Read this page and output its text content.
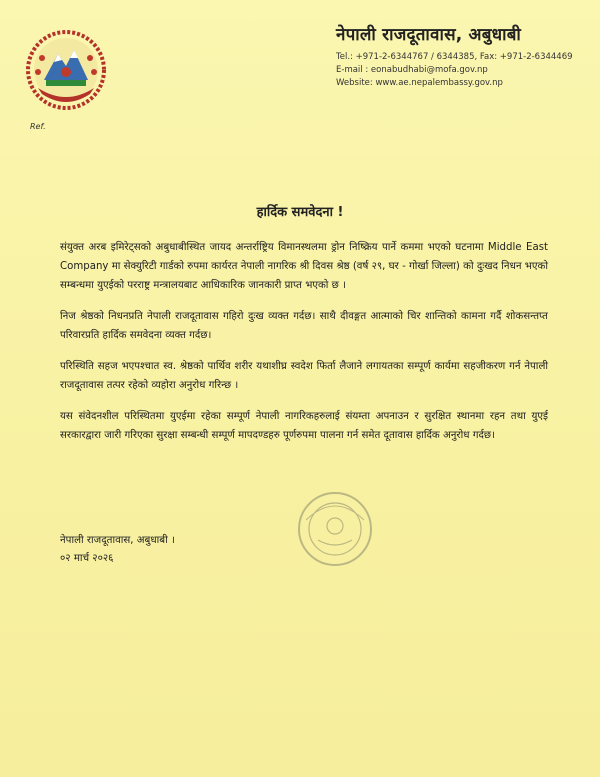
नेपाली राजदूतावास, अबुधाबी
Tel.: +971-2-6344767 / 6344385, Fax: +971-2-6344469
E-mail : eonabudhabi@mofa.gov.np
Website: www.ae.nepalembassy.gov.np
Ref.
हार्दिक समवेदना !

संयुक्त अरब इमिरेट्सको अबुधाबीस्थित जायद अन्तर्राष्ट्रिय विमानस्थलमा ड्रोन निष्क्रिय पार्ने कममा भएको घटनामा Middle East Company मा सेक्युरिटी गार्डको रुपमा कार्यरत नेपाली नागरिक श्री दिवस श्रेष्ठ (वर्ष २९, घर - गोर्खा जिल्ला) को दुःखद निधन भएको सम्बन्धमा युएईको परराष्ट्र मन्त्रालयबाट आधिकारिक जानकारी प्राप्त भएको छ ।

निज श्रेष्ठको निधनप्रति नेपाली राजदूतावास गहिरो दुःख व्यक्त गर्दछ। साथै दीवङ्गत आत्माको चिर शान्तिको कामना गर्दै शोकसन्तप्त परिवारप्रति हार्दिक समवेदना व्यक्त गर्दछ।

परिस्थिति सहज भएपश्चात स्व. श्रेष्ठको पार्थिव शरीर यथाशीघ्र स्वदेश फिर्ता लैजाने लगायतका सम्पूर्ण कार्यमा सहजीकरण गर्न नेपाली राजदूतावास तत्पर रहेको व्यहोरा अनुरोध गरिन्छ ।

यस संवेदनशील परिस्थितमा युएईमा रहेका सम्पूर्ण नेपाली नागरिकहरुलाई संयम्ता अपनाउन र सुरक्षित स्थानमा रहन तथा युएई सरकारद्वारा जारी गरिएका सुरक्षा सम्बन्धी सम्पूर्ण मापदण्डहरु पूर्णरुपमा पालना गर्न समेत दूतावास हार्दिक अनुरोध गर्दछ।

नेपाली राजदूतावास, अबुधाबी ।
०२ मार्च २०२६
